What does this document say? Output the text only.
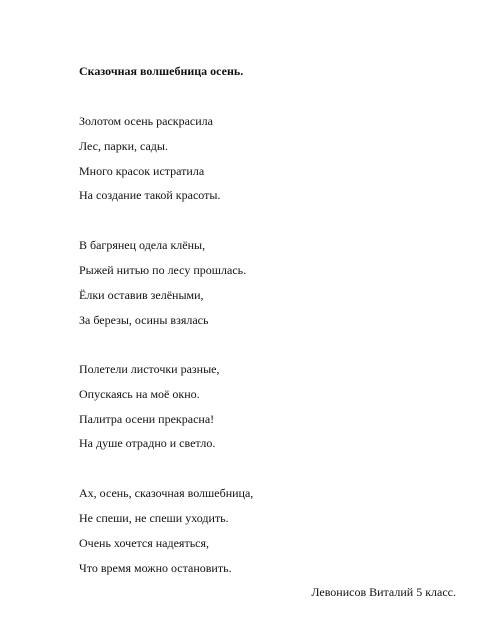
Сказочная волшебница осень.
Золотом осень раскрасила
Лес, парки, сады.
Много красок истратила
На создание такой красоты.
В багрянец одела клёны,
Рыжей нитью по лесу прошлась.
Ёлки оставив зелёными,
За березы, осины взялась
Полетели листочки разные,
Опускаясь на моё окно.
Палитра осени прекрасна!
На душе отрадно и светло.
Ах, осень, сказочная волшебница,
Не спеши, не спеши уходить.
Очень хочется надеяться,
Что время можно остановить.
Левонисов Виталий 5 класс.
